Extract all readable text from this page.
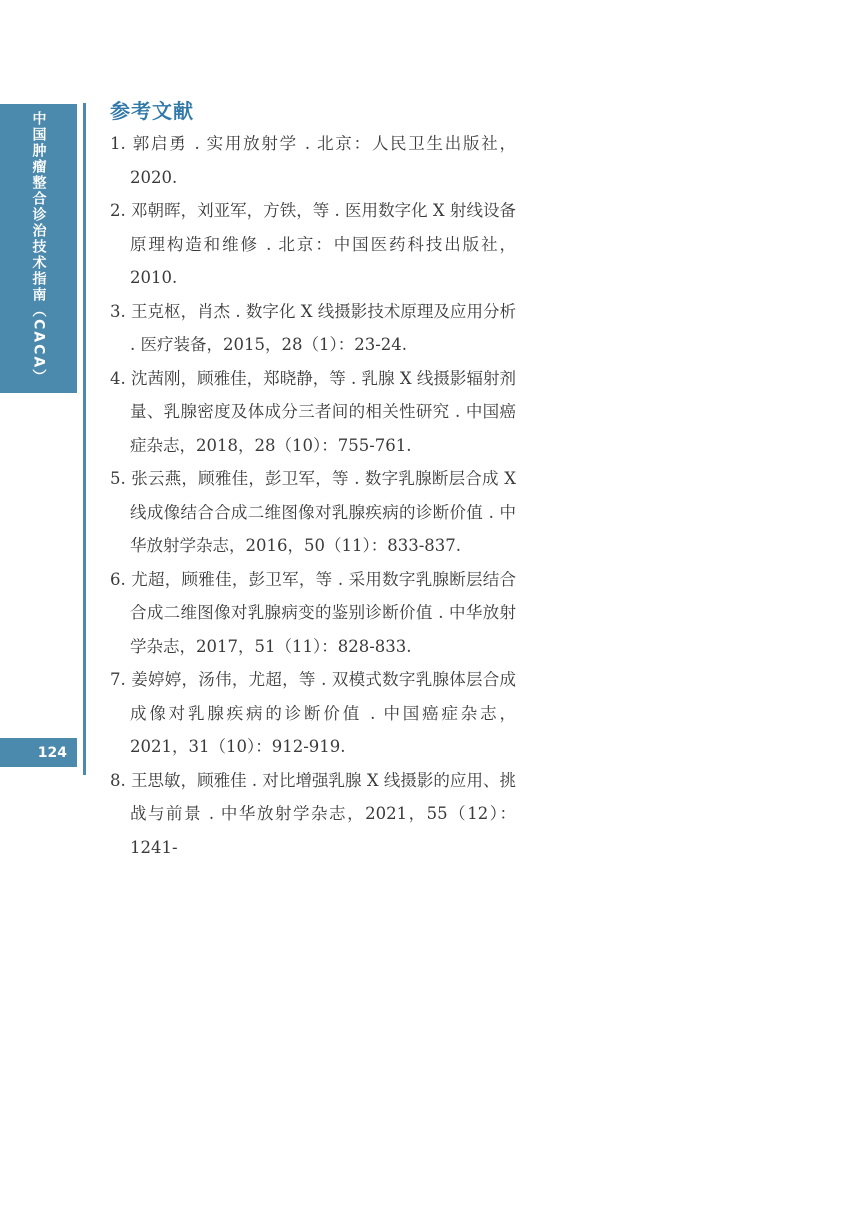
中国肿瘤整合诊治技术指南（CACA）
124
参考文献
1. 郭启勇 . 实用放射学 . 北京：人民卫生出版社，2020.
2. 邓朝晖，刘亚军，方铁，等 . 医用数字化 X 射线设备原理构造和维修 . 北京：中国医药科技出版社，2010.
3. 王克枢，肖杰 . 数字化 X 线摄影技术原理及应用分析 . 医疗装备，2015，28（1）：23-24.
4. 沈茜刚，顾雅佳，郑晓静，等 . 乳腺 X 线摄影辐射剂量、乳腺密度及体成分三者间的相关性研究 . 中国癌症杂志，2018，28（10）：755-761.
5. 张云燕，顾雅佳，彭卫军，等 . 数字乳腺断层合成 X 线成像结合合成二维图像对乳腺疾病的诊断价值 . 中华放射学杂志，2016，50（11）：833-837.
6. 尤超，顾雅佳，彭卫军，等 . 采用数字乳腺断层结合合成二维图像对乳腺病变的鉴别诊断价值 . 中华放射学杂志，2017，51（11）：828-833.
7. 姜婷婷，汤伟，尤超，等 . 双模式数字乳腺体层合成成像对乳腺疾病的诊断价值 . 中国癌症杂志，2021，31（10）：912-919.
8. 王思敏，顾雅佳 . 对比增强乳腺 X 线摄影的应用、挑战与前景 . 中华放射学杂志，2021，55（12）：1241-
